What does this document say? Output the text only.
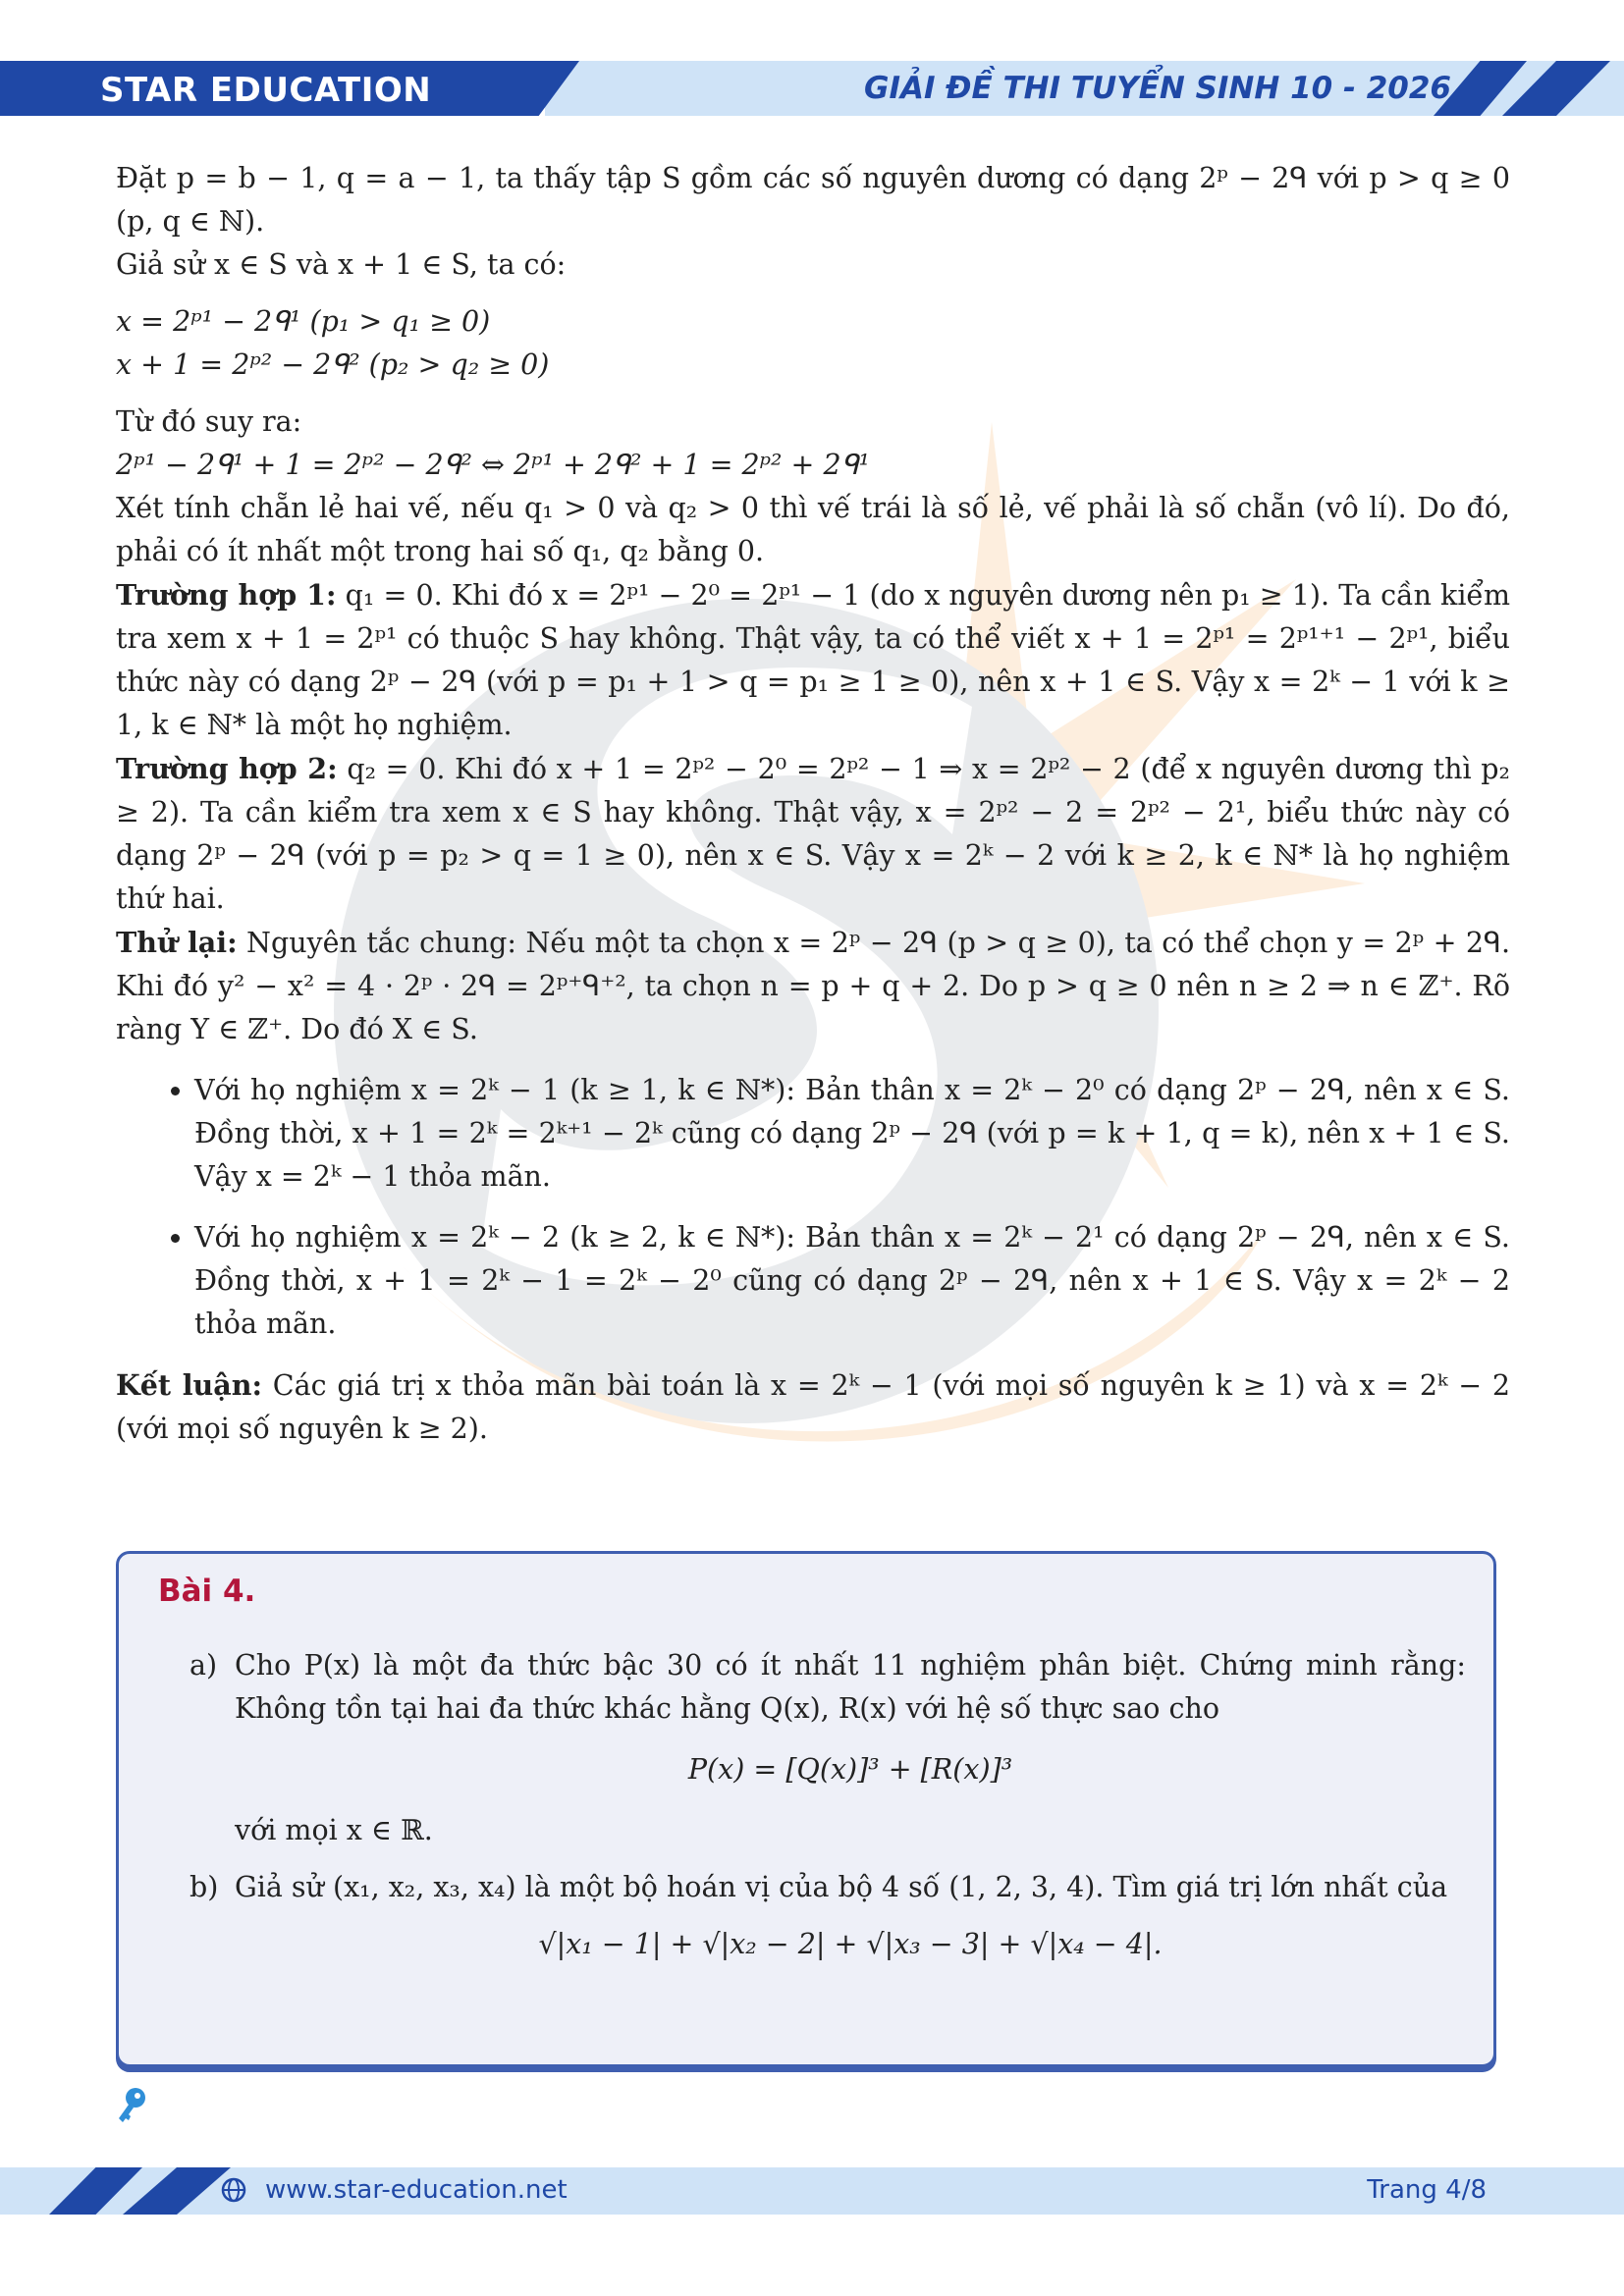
STAR EDUCATION	GIẢI ĐỀ THI TUYỂN SINH 10 - 2026

Đặt p = b − 1, q = a − 1, ta thấy tập S gồm các số nguyên dương có dạng 2ᵖ − 2ᑫ với p > q ≥ 0 (p, q ∈ ℕ).

Giả sử x ∈ S và x + 1 ∈ S, ta có:

x = 2ᵖ¹ − 2ᑫ¹ (p₁ > q₁ ≥ 0)

x + 1 = 2ᵖ² − 2ᑫ² (p₂ > q₂ ≥ 0)

Từ đó suy ra:

2ᵖ¹ − 2ᑫ¹ + 1 = 2ᵖ² − 2ᑫ² ⇔ 2ᵖ¹ + 2ᑫ² + 1 = 2ᵖ² + 2ᑫ¹

Xét tính chẵn lẻ hai vế, nếu q₁ > 0 và q₂ > 0 thì vế trái là số lẻ, vế phải là số chẵn (vô lí). Do đó, phải có ít nhất một trong hai số q₁, q₂ bằng 0.

Trường hợp 1: q₁ = 0. Khi đó x = 2ᵖ¹ − 2⁰ = 2ᵖ¹ − 1 (do x nguyên dương nên p₁ ≥ 1). Ta cần kiểm tra xem x + 1 = 2ᵖ¹ có thuộc S hay không. Thật vậy, ta có thể viết x + 1 = 2ᵖ¹ = 2ᵖ¹⁺¹ − 2ᵖ¹, biểu thức này có dạng 2ᵖ − 2ᑫ (với p = p₁ + 1 > q = p₁ ≥ 1 ≥ 0), nên x + 1 ∈ S. Vậy x = 2ᵏ − 1 với k ≥ 1, k ∈ ℕ* là một họ nghiệm.

Trường hợp 2: q₂ = 0. Khi đó x + 1 = 2ᵖ² − 2⁰ = 2ᵖ² − 1 ⇒ x = 2ᵖ² − 2 (để x nguyên dương thì p₂ ≥ 2). Ta cần kiểm tra xem x ∈ S hay không. Thật vậy, x = 2ᵖ² − 2 = 2ᵖ² − 2¹, biểu thức này có dạng 2ᵖ − 2ᑫ (với p = p₂ > q = 1 ≥ 0), nên x ∈ S. Vậy x = 2ᵏ − 2 với k ≥ 2, k ∈ ℕ* là họ nghiệm thứ hai.

Thử lại: Nguyên tắc chung: Nếu một ta chọn x = 2ᵖ − 2ᑫ (p > q ≥ 0), ta có thể chọn y = 2ᵖ + 2ᑫ. Khi đó y² − x² = 4 · 2ᵖ · 2ᑫ = 2ᵖ⁺ᑫ⁺², ta chọn n = p + q + 2. Do p > q ≥ 0 nên n ≥ 2 ⇒ n ∈ ℤ⁺. Rõ ràng Y ∈ ℤ⁺. Do đó X ∈ S.

• Với họ nghiệm x = 2ᵏ − 1 (k ≥ 1, k ∈ ℕ*): Bản thân x = 2ᵏ − 2⁰ có dạng 2ᵖ − 2ᑫ, nên x ∈ S. Đồng thời, x + 1 = 2ᵏ = 2ᵏ⁺¹ − 2ᵏ cũng có dạng 2ᵖ − 2ᑫ (với p = k + 1, q = k), nên x + 1 ∈ S. Vậy x = 2ᵏ − 1 thỏa mãn.
• Với họ nghiệm x = 2ᵏ − 2 (k ≥ 2, k ∈ ℕ*): Bản thân x = 2ᵏ − 2¹ có dạng 2ᵖ − 2ᑫ, nên x ∈ S. Đồng thời, x + 1 = 2ᵏ − 1 = 2ᵏ − 2⁰ cũng có dạng 2ᵖ − 2ᑫ, nên x + 1 ∈ S. Vậy x = 2ᵏ − 2 thỏa mãn.

Kết luận: Các giá trị x thỏa mãn bài toán là x = 2ᵏ − 1 (với mọi số nguyên k ≥ 1) và x = 2ᵏ − 2 (với mọi số nguyên k ≥ 2).

Bài 4.
a) Cho P(x) là một đa thức bậc 30 có ít nhất 11 nghiệm phân biệt. Chứng minh rằng: Không tồn tại hai đa thức khác hằng Q(x), R(x) với hệ số thực sao cho
P(x) = [Q(x)]³ + [R(x)]³
với mọi x ∈ ℝ.
b) Giả sử (x₁, x₂, x₃, x₄) là một bộ hoán vị của bộ 4 số (1, 2, 3, 4). Tìm giá trị lớn nhất của
√|x₁ − 1| + √|x₂ − 2| + √|x₃ − 3| + √|x₄ − 4|.
www.star-education.net	Trang 4/8
